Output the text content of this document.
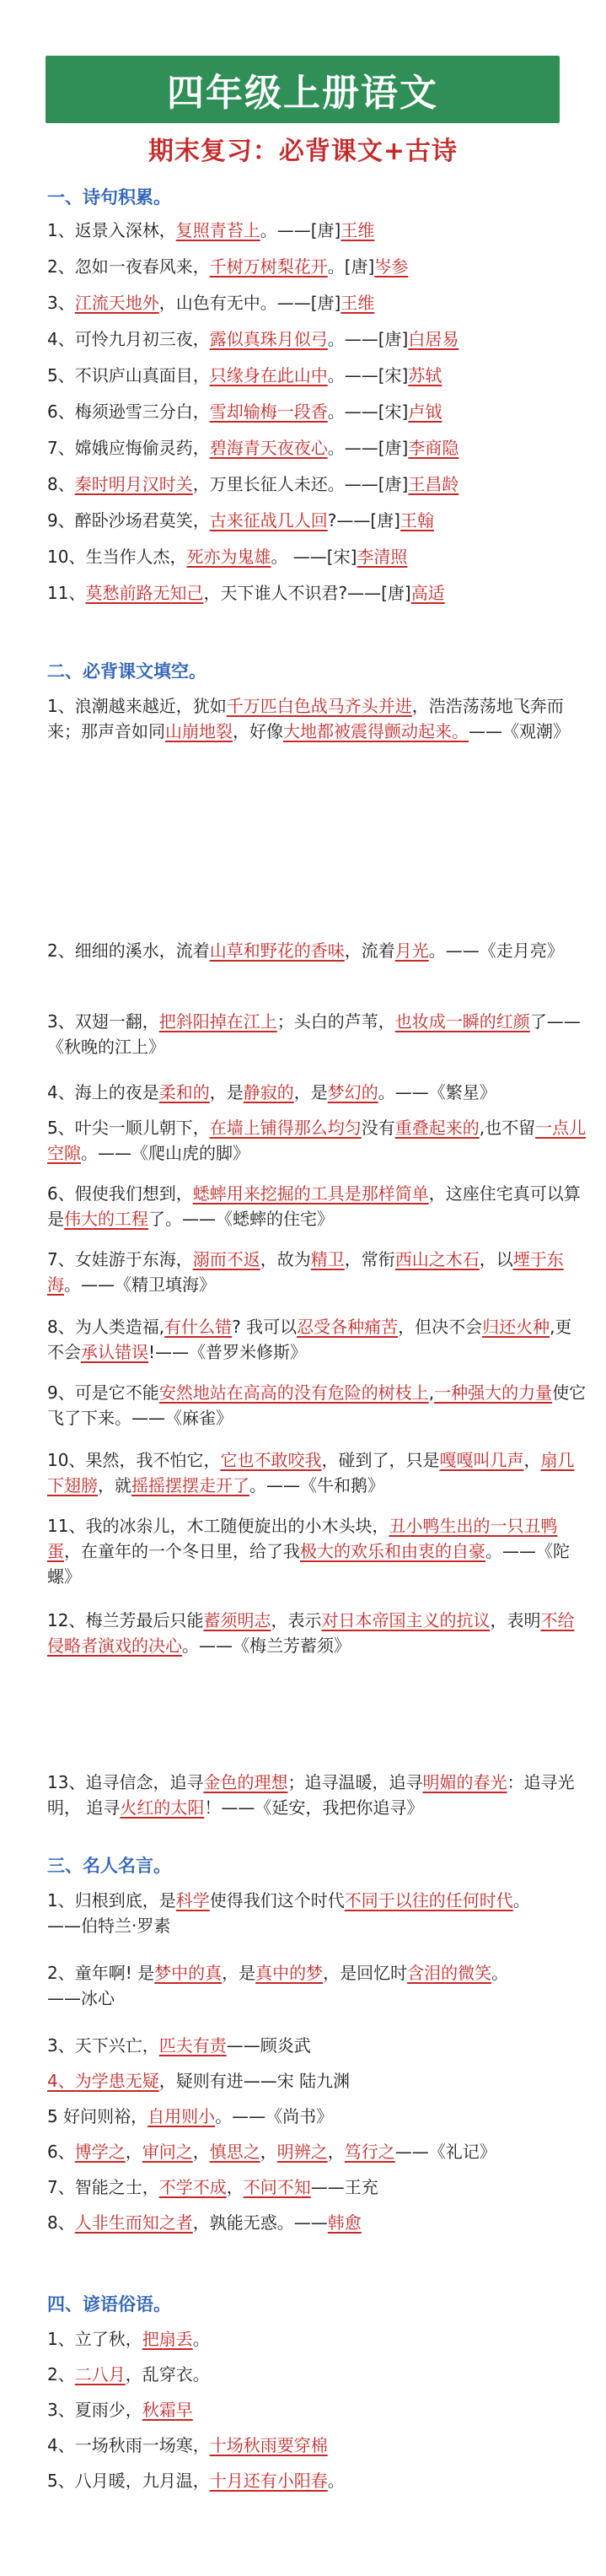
四年级上册语文
期末复习：必背课文+古诗
一、诗句积累。
1、返景入深林，复照青苔上。——[唐]王维
2、忽如一夜春风来，千树万树梨花开。[唐]岑参
3、江流天地外，山色有无中。——[唐]王维
4、可怜九月初三夜，露似真珠月似弓。——[唐]白居易
5、不识庐山真面目，只缘身在此山中。——[宋]苏轼
6、梅须逊雪三分白，雪却输梅一段香。——[宋]卢钺
7、嫦娥应悔偷灵药，碧海青天夜夜心。——[唐]李商隐
8、秦时明月汉时关，万里长征人未还。——[唐]王昌龄
9、醉卧沙场君莫笑，古来征战几人回?——[唐]王翰
10、生当作人杰，死亦为鬼雄。 ——[宋]李清照
11、莫愁前路无知己，天下谁人不识君?——[唐]高适
二、必背课文填空。
1、浪潮越来越近，犹如千万匹白色战马齐头并进，浩浩荡荡地飞奔而来；那声音如同山崩地裂，好像大地都被震得颤动起来。——《观潮》
2、细细的溪水，流着山草和野花的香味，流着月光。——《走月亮》
3、双翅一翻，把斜阳掉在江上；头白的芦苇，也妆成一瞬的红颜了——《秋晚的江上》
4、海上的夜是柔和的，是静寂的，是梦幻的。——《繁星》
5、叶尖一顺儿朝下，在墙上铺得那么均匀没有重叠起来的,也不留一点儿空隙。——《爬山虎的脚》
6、假使我们想到，蟋蟀用来挖掘的工具是那样简单，这座住宅真可以算是伟大的工程了。——《蟋蟀的住宅》
7、女娃游于东海，溺而不返，故为精卫，常衔西山之木石，以堙于东海。——《精卫填海》
8、为人类造福,有什么错? 我可以忍受各种痛苦，但决不会归还火种,更不会承认错误!——《普罗米修斯》
9、可是它不能安然地站在高高的没有危险的树枝上,一种强大的力量使它飞了下来。——《麻雀》
10、果然，我不怕它，它也不敢咬我，碰到了，只是嘎嘎叫几声，扇几下翅膀，就摇摇摆摆走开了。——《牛和鹅》
11、我的冰尜儿，木工随便旋出的小木头块，丑小鸭生出的一只丑鸭蛋，在童年的一个冬日里，给了我极大的欢乐和由衷的自豪。——《陀螺》
12、梅兰芳最后只能蓄须明志，表示对日本帝国主义的抗议，表明不给侵略者演戏的决心。——《梅兰芳蓄须》
13、追寻信念，追寻金色的理想；追寻温暖，追寻明媚的春光：追寻光明， 追寻火红的太阳！——《延安，我把你追寻》
三、名人名言。
1、归根到底，是科学使得我们这个时代不同于以往的任何时代。
——伯特兰·罗素
2、童年啊! 是梦中的真，是真中的梦，是回忆时含泪的微笑。
——冰心
3、天下兴亡，匹夫有责——顾炎武
4、为学患无疑，疑则有进——宋 陆九渊
5 好问则裕，自用则小。——《尚书》
6、博学之，审问之，慎思之，明辨之，笃行之——《礼记》
7、智能之士，不学不成，不问不知——王充
8、人非生而知之者，孰能无惑。——韩愈
四、谚语俗语。
1、立了秋，把扇丢。
2、二八月，乱穿衣。
3、夏雨少，秋霜早
4、一场秋雨一场寒，十场秋雨要穿棉
5、八月暖，九月温，十月还有小阳春。
